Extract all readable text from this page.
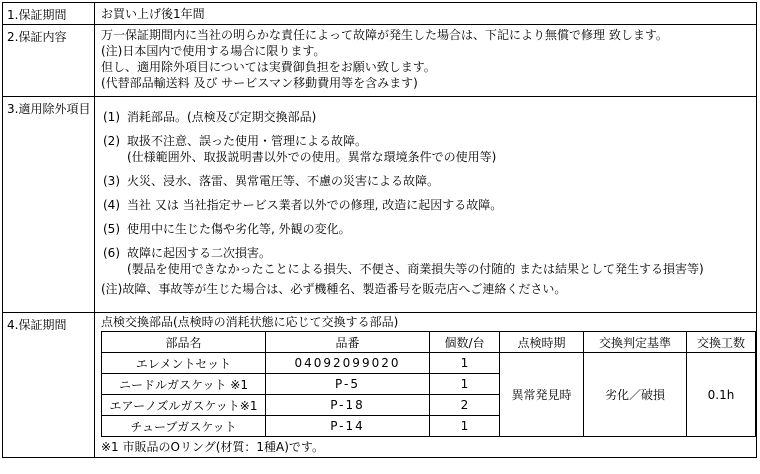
1.保証期間	お買い上げ後1年間

2.保証内容	万一保証期間内に当社の明らかな責任によって故障が発生した場合は、下記により無償で修理 致します。
(注)日本国内で使用する場合に限ります。
但し、適用除外項目については実費御負担をお願い致します。
(代替部品輸送料 及び サービスマン移動費用等を含みます)

3.適用除外項目	
(1) 消耗部品。(点検及び定期交換部品)
(2) 取扱不注意、誤った使用・管理による故障。
(仕様範囲外、取扱説明書以外での使用。異常な環境条件での使用等)
(3) 火災、浸水、落雷、異常電圧等、不慮の災害による故障。
(4) 当社 又は 当社指定サービス業者以外での修理, 改造に起因する故障。
(5) 使用中に生じた傷や劣化等, 外観の変化。
(6) 故障に起因する二次損害。
(製品を使用できなかったことによる損失、不便さ、商業損失等の付随的 または結果として発生する損害等)
(注)故障、事故等が生じた場合は、必ず機種名、製造番号を販売店へご連絡ください。

4.保証期間	点検交換部品(点検時の消耗状態に応じて交換する部品)
部品名	品番	個数/台	点検時期	交換判定基準	交換工数
エレメントセット	04092099020	1	異常発見時	劣化／破損	0.1h
ニードルガスケット ※1	P-5	1
エアーノズルガスケット※1	P-18	2
チューブガスケット	P-14	1
※1 市販品のOリング(材質：1種A)です。
